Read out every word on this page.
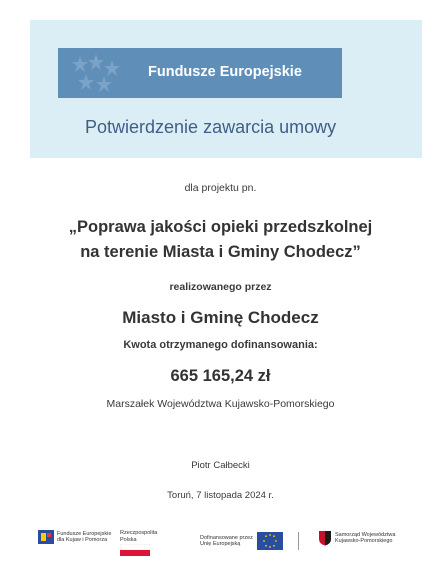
Fundusze Europejskie
Potwierdzenie zawarcia umowy
dla projektu pn.
„Poprawa jakości opieki przedszkolnej
na terenie Miasta i Gminy Chodecz”
realizowanego przez
Miasto i Gminę Chodecz
Kwota otrzymanego dofinansowania:
665 165,24 zł
Marszałek Województwa Kujawsko-Pomorskiego
Piotr Całbecki
Toruń, 7 listopada 2024 r.
Fundusze Europejskie
dla Kujaw i Pomorza
Rzeczpospolita
Polska	Dofinansowane przez
Unię Europejską
Samorząd Województwa
Kujawsko-Pomorskiego
